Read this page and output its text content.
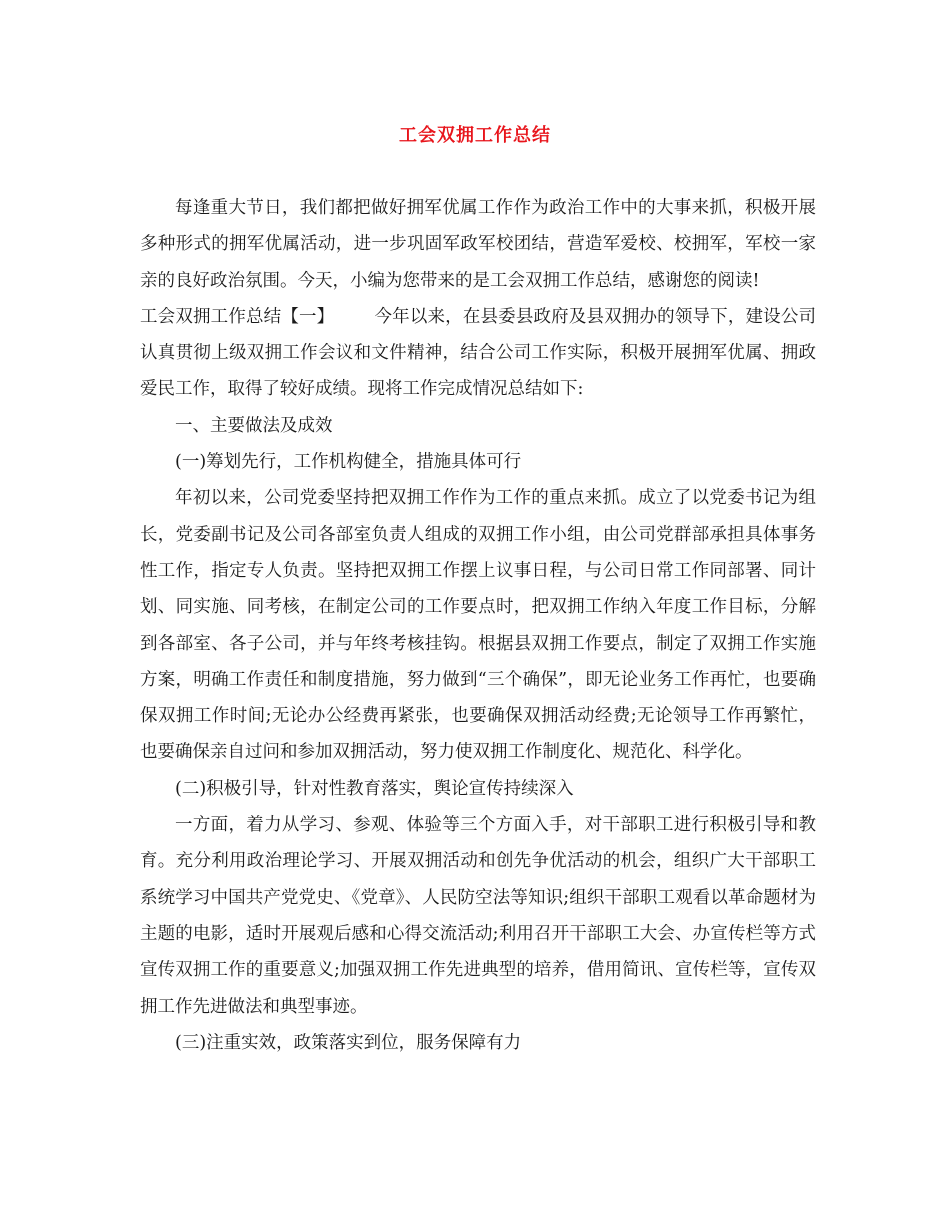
工会双拥工作总结

每逢重大节日，我们都把做好拥军优属工作作为政治工作中的大事来抓，积极开展多种形式的拥军优属活动，进一步巩固军政军校团结，营造军爱校、校拥军，军校一家亲的良好政治氛围。今天，小编为您带来的是工会双拥工作总结，感谢您的阅读!

工会双拥工作总结【一】 今年以来，在县委县政府及县双拥办的领导下，建设公司认真贯彻上级双拥工作会议和文件精神，结合公司工作实际，积极开展拥军优属、拥政爱民工作，取得了较好成绩。现将工作完成情况总结如下:

一、主要做法及成效

(一)筹划先行，工作机构健全，措施具体可行

年初以来，公司党委坚持把双拥工作作为工作的重点来抓。成立了以党委书记为组长，党委副书记及公司各部室负责人组成的双拥工作小组，由公司党群部承担具体事务性工作，指定专人负责。坚持把双拥工作摆上议事日程，与公司日常工作同部署、同计划、同实施、同考核，在制定公司的工作要点时，把双拥工作纳入年度工作目标，分解到各部室、各子公司，并与年终考核挂钩。根据县双拥工作要点，制定了双拥工作实施方案，明确工作责任和制度措施，努力做到“三个确保”，即无论业务工作再忙，也要确保双拥工作时间;无论办公经费再紧张，也要确保双拥活动经费;无论领导工作再繁忙，也要确保亲自过问和参加双拥活动，努力使双拥工作制度化、规范化、科学化。

(二)积极引导，针对性教育落实，舆论宣传持续深入

一方面，着力从学习、参观、体验等三个方面入手，对干部职工进行积极引导和教育。充分利用政治理论学习、开展双拥活动和创先争优活动的机会，组织广大干部职工系统学习中国共产党党史、《党章》、人民防空法等知识;组织干部职工观看以革命题材为主题的电影，适时开展观后感和心得交流活动;利用召开干部职工大会、办宣传栏等方式宣传双拥工作的重要意义;加强双拥工作先进典型的培养，借用简讯、宣传栏等，宣传双拥工作先进做法和典型事迹。

(三)注重实效，政策落实到位，服务保障有力
